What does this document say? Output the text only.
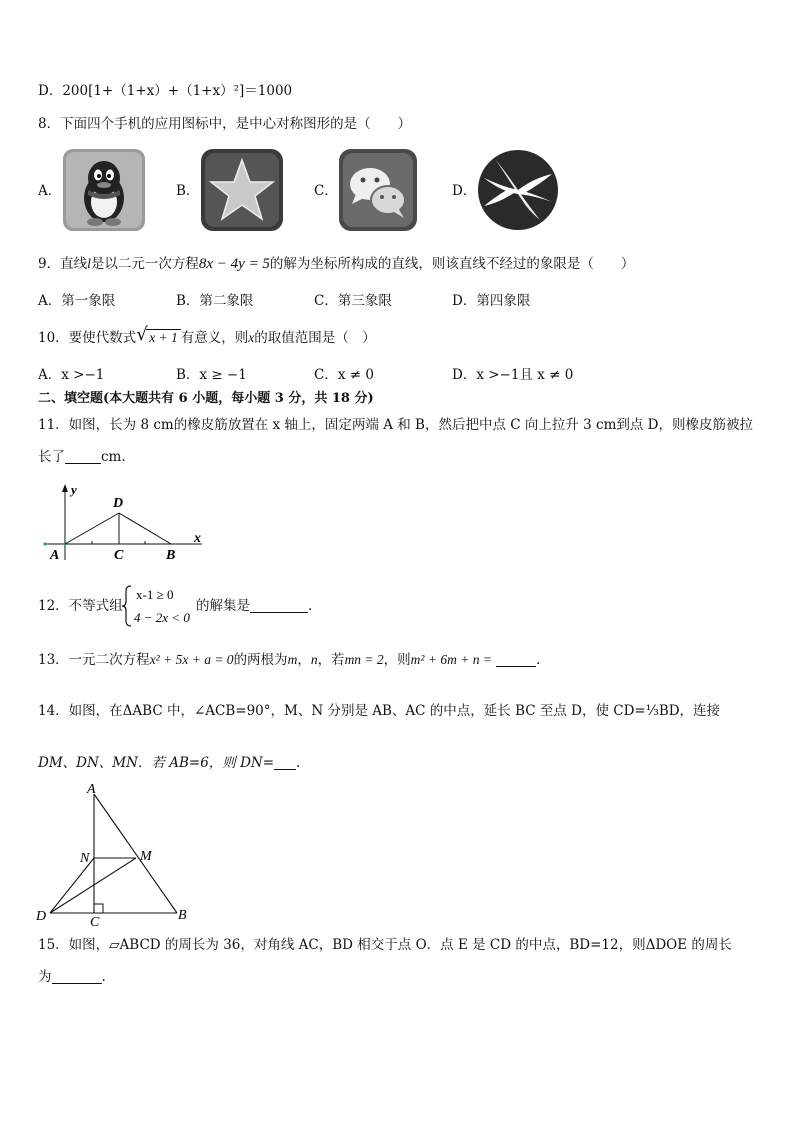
D．200[1+（1+x）+（1+x）²]＝1000
8．下面四个手机的应用图标中，是中心对称图形的是（　　）
A．	B．	C．	D．
9．直线l是以二元一次方程8x − 4y = 5的解为坐标所构成的直线，则该直线不经过的象限是（　　）
A．第一象限	B．第二象限	C．第三象限	D．第四象限
10．要使代数式 √ x + 1 有意义，则x的取值范围是（　）
A．x >−1	B．x ≥ −1	C．x ≠ 0	D．x >−1且 x ≠ 0
二、填空题(本大题共有 6 小题，每小题 3 分，共 18 分)
11．如图，长为 8 cm的橡皮筋放置在 x 轴上，固定两端 A 和 B，然后把中点 C 向上拉升 3 cm到点 D，则橡皮筋被拉
长了	cm.
y
x
D
A	C	B
12．不等式组
x-1 ≥ 0
4 − 2x < 0
的解集是	.
13．一元二次方程x² + 5x + a = 0的两根为m，n，若mn = 2，则m² + 6m + n =	.
14．如图，在ΔABC 中，∠ACB=90°，M、N 分别是 AB、AC 的中点，延长 BC 至点 D，使 CD=⅓BD，连接
DM、DN、MN．若 AB=6，则 DN= .
A
N	M
D	C	B
15．如图，▱ABCD 的周长为 36，对角线 AC，BD 相交于点 O．点 E 是 CD 的中点，BD=12，则ΔDOE 的周长
为	.
